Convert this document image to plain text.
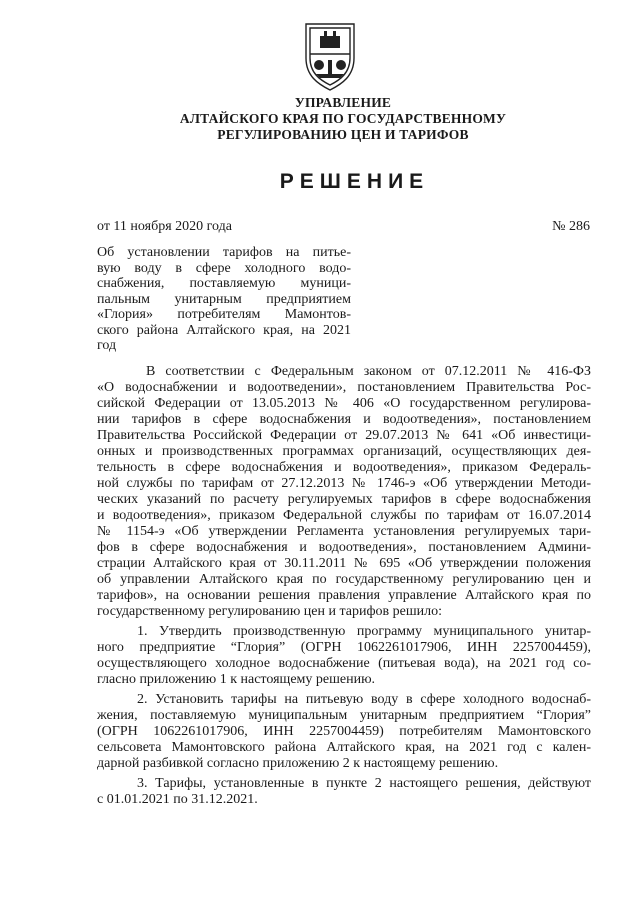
УПРАВЛЕНИЕ
АЛТАЙСКОГО КРАЯ ПО ГОСУДАРСТВЕННОМУ
РЕГУЛИРОВАНИЮ ЦЕН И ТАРИФОВ
РЕШЕНИЕ
от 11 ноября 2020 года	№ 286
Об установлении тарифов на питье-
вую воду в сфере холодного водо-
снабжения, поставляемую муници-
пальным унитарным предприятием
«Глория» потребителям Мамонтов-
ского района Алтайского края, на 2021
год
В соответствии с Федеральным законом от 07.12.2011 № 416-ФЗ
«О водоснабжении и водоотведении», постановлением Правительства Рос-
сийской Федерации от 13.05.2013 № 406 «О государственном регулирова-
нии тарифов в сфере водоснабжения и водоотведения», постановлением
Правительства Российской Федерации от 29.07.2013 № 641 «Об инвестици-
онных и производственных программах организаций, осуществляющих дея-
тельность в сфере водоснабжения и водоотведения», приказом Федераль-
ной службы по тарифам от 27.12.2013 № 1746-э «Об утверждении Методи-
ческих указаний по расчету регулируемых тарифов в сфере водоснабжения
и водоотведения», приказом Федеральной службы по тарифам от 16.07.2014
№ 1154-э «Об утверждении Регламента установления регулируемых тари-
фов в сфере водоснабжения и водоотведения», постановлением Админи-
страции Алтайского края от 30.11.2011 № 695 «Об утверждении положения
об управлении Алтайского края по государственному регулированию цен и
тарифов», на основании решения правления управление Алтайского края по
государственному регулированию цен и тарифов решило:
1. Утвердить производственную программу муниципального унитар-
ного предприятие “Глория” (ОГРН 1062261017906, ИНН 2257004459),
осуществляющего холодное водоснабжение (питьевая вода), на 2021 год со-
гласно приложению 1 к настоящему решению.
2. Установить тарифы на питьевую воду в сфере холодного водоснаб-
жения, поставляемую муниципальным унитарным предприятием “Глория”
(ОГРН 1062261017906, ИНН 2257004459) потребителям Мамонтовского
сельсовета Мамонтовского района Алтайского края, на 2021 год с кален-
дарной разбивкой согласно приложению 2 к настоящему решению.
3. Тарифы, установленные в пункте 2 настоящего решения, действуют
с 01.01.2021 по 31.12.2021.
